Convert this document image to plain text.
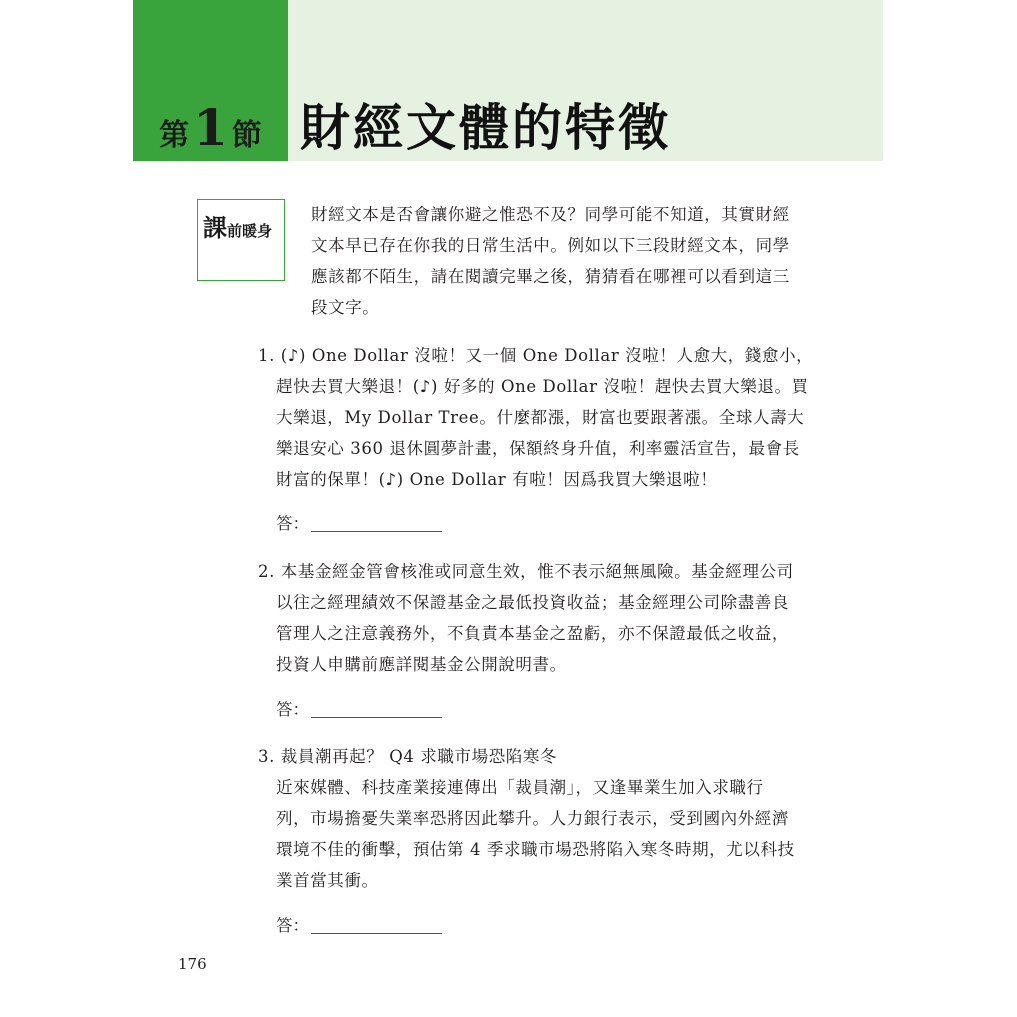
第1 節 財經文體的特徵
課前暖身
財經文本是否會讓你避之惟恐不及？同學可能不知道，其實財經
文本早已存在你我的日常生活中。例如以下三段財經文本，同學
應該都不陌生，請在閱讀完畢之後，猜猜看在哪裡可以看到這三
段文字。
1. (♪) One Dollar 沒啦！又一個 One Dollar 沒啦！人愈大，錢愈小，
趕快去買大樂退！(♪) 好多的 One Dollar 沒啦！趕快去買大樂退。買
大樂退，My Dollar Tree。什麼都漲，財富也要跟著漲。全球人壽大
樂退安心 360 退休圓夢計畫，保額終身升值，利率靈活宣告，最會長
財富的保單！(♪) One Dollar 有啦！因爲我買大樂退啦！
答：
2. 本基金經金管會核准或同意生效，惟不表示絕無風險。基金經理公司
以往之經理績效不保證基金之最低投資收益；基金經理公司除盡善良
管理人之注意義務外，不負責本基金之盈虧，亦不保證最低之收益，
投資人申購前應詳閱基金公開說明書。
答：
3. 裁員潮再起？ Q4 求職市場恐陷寒冬
近來媒體、科技產業接連傳出「裁員潮」，又逢畢業生加入求職行
列，市場擔憂失業率恐將因此攀升。人力銀行表示，受到國內外經濟
環境不佳的衝擊，預估第 4 季求職市場恐將陷入寒冬時期，尤以科技
業首當其衝。
答：
176
